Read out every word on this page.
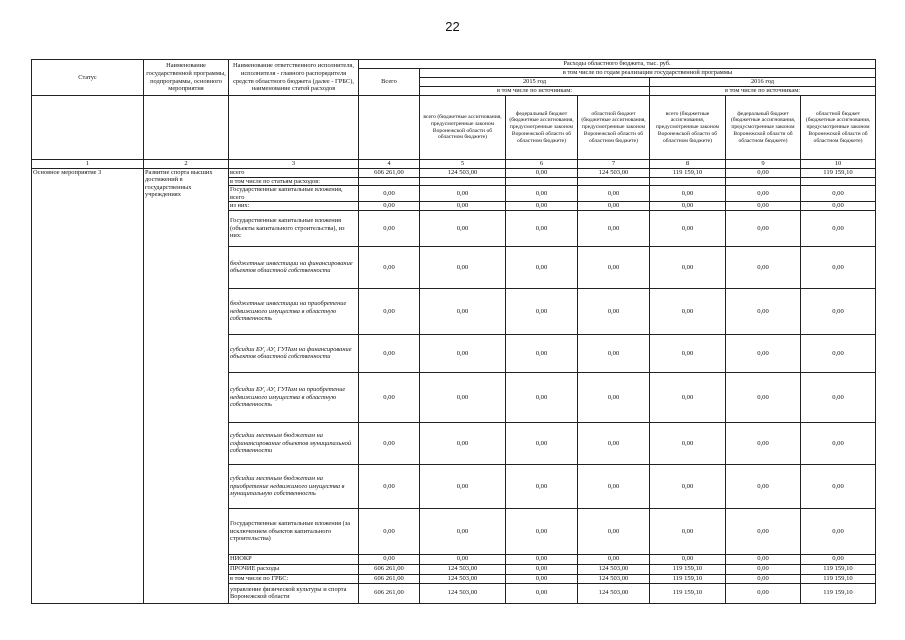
22
Статус	Наименование государственной программы, подпрограммы, основного мероприятия	Наименование ответственного исполнителя, исполнителя - главного распорядителя средств областного бюджета (далее - ГРБС), наименование статей расходов	Расходы областного бюджета, тыс. руб.						
			Всего	в том числе по годам реализации государственной программы					
				2015 год			2016 год		
				в том числе по источникам:			в том числе по источникам:		
				всего (бюджетные ассигнования, предусмотренные законом Воронежской области об областном бюджете)	федеральный бюджет (бюджетные ассигнования, предусмотренные законом Воронежской области об областном бюджете)	областной бюджет (бюджетные ассигнования, предусмотренные законом Воронежской области об областном бюджете)	всего (бюджетные ассигнования, предусмотренные законом Воронежской области об областном бюджете)	федеральный бюджет (бюджетные ассигнования, предусмотренные законом Воронежской области об областном бюджете)	областной бюджет (бюджетные ассигнования, предусмотренные законом Воронежской области об областном бюджете)
1	2	3	4	5	6	7	8	9	10
Основное мероприятие 3	Развитие спорта высших достижений в государственных учреждениях	всего	606 261,00	124 503,00	0,00	124 503,00	119 159,10	0,00	119 159,10
		в том числе по статьям расходов:							
		Государственные капитальные вложения, всего	0,00	0,00	0,00	0,00	0,00	0,00	0,00
		из них:	0,00	0,00	0,00	0,00	0,00	0,00	0,00
		Государственные капитальные вложения (объекты капитального строительства), из них:	0,00	0,00	0,00	0,00	0,00	0,00	0,00
		бюджетные инвестиции на финансирование объектов областной собственности	0,00	0,00	0,00	0,00	0,00	0,00	0,00
		бюджетные инвестиции на приобретение недвижимого имущества в областную собственность	0,00	0,00	0,00	0,00	0,00	0,00	0,00
		субсидии БУ, АУ, ГУПам на финансирование объектов областной собственности	0,00	0,00	0,00	0,00	0,00	0,00	0,00
		субсидии БУ, АУ, ГУПам на приобретение недвижимого имущества в областную собственность	0,00	0,00	0,00	0,00	0,00	0,00	0,00
		субсидии местным бюджетам на софинансирование объектов муниципальной собственности	0,00	0,00	0,00	0,00	0,00	0,00	0,00
		субсидии местным бюджетам на приобретение недвижимого имущества в муниципальную собственность	0,00	0,00	0,00	0,00	0,00	0,00	0,00
		Государственные капитальные вложения (за исключением объектов капитального строительства)	0,00	0,00	0,00	0,00	0,00	0,00	0,00
		НИОКР	0,00	0,00	0,00	0,00	0,00	0,00	0,00
		ПРОЧИЕ расходы	606 261,00	124 503,00	0,00	124 503,00	119 159,10	0,00	119 159,10
		в том числе по ГРБС:	606 261,00	124 503,00	0,00	124 503,00	119 159,10	0,00	119 159,10
		управление физической культуры и спорта Воронежской области	606 261,00	124 503,00	0,00	124 503,00	119 159,10	0,00	119 159,10
